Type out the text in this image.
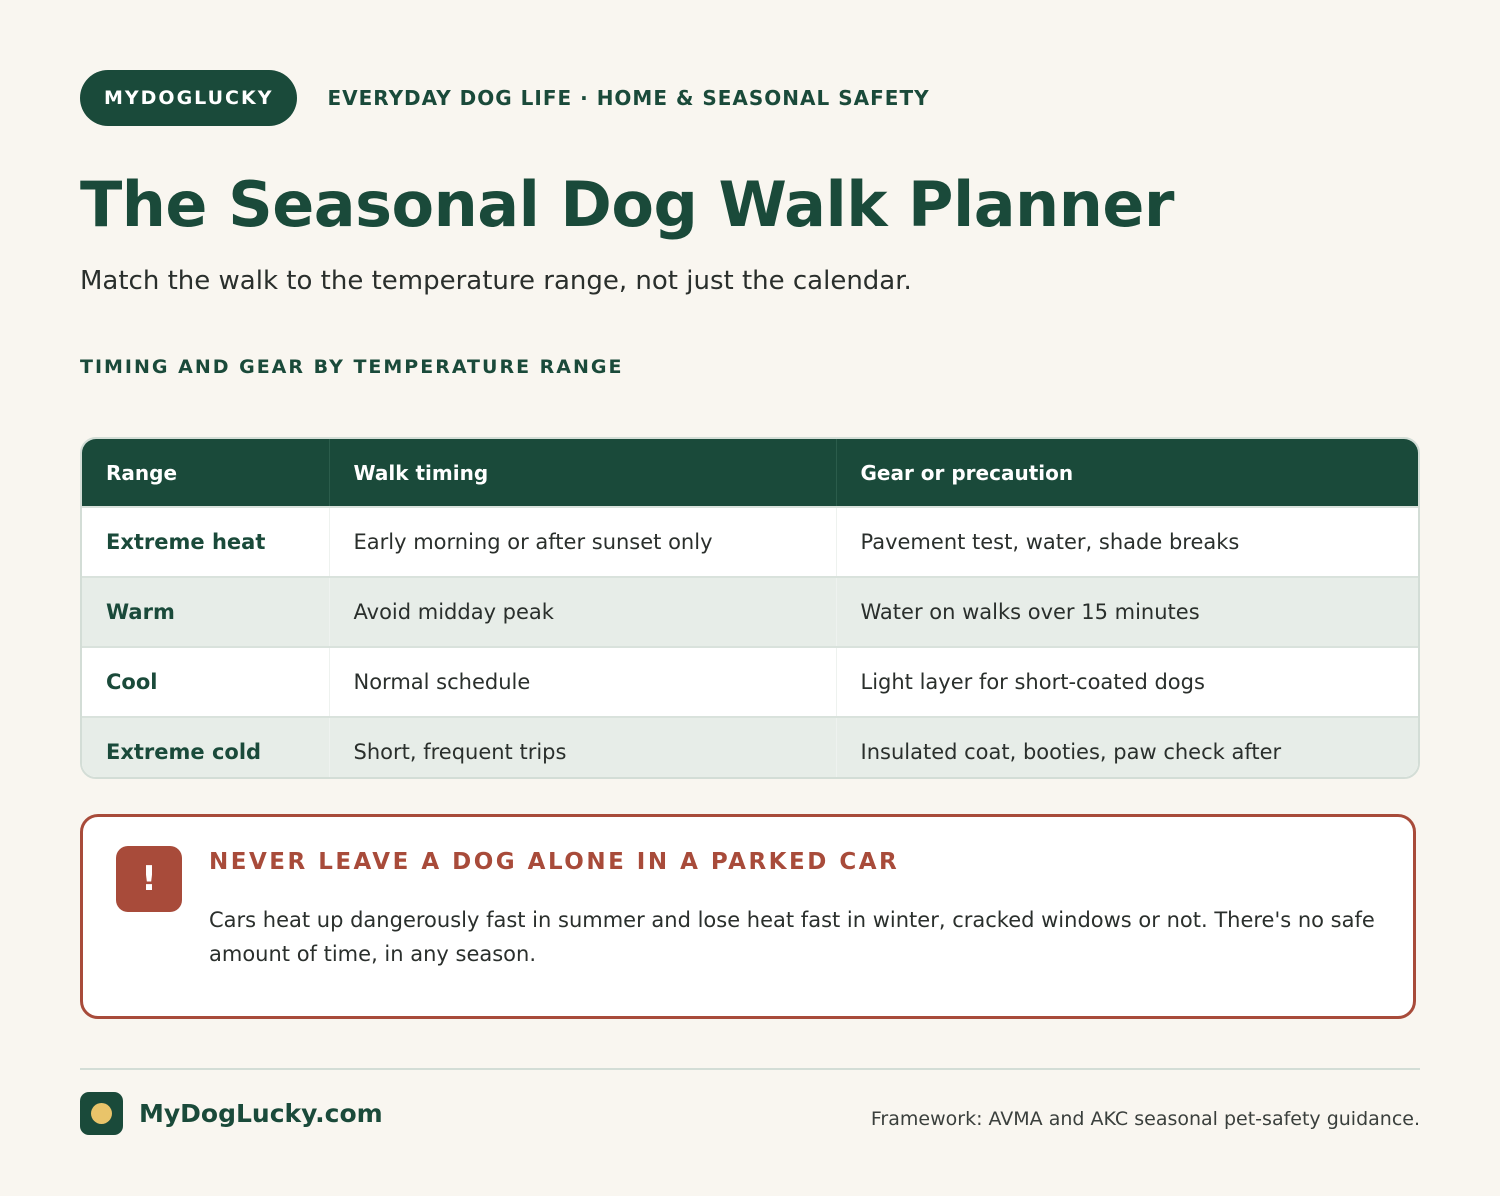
MYDOGLUCKY	EVERYDAY DOG LIFE · HOME & SEASONAL SAFETY
The Seasonal Dog Walk Planner

Match the walk to the temperature range, not just the calendar.

TIMING AND GEAR BY TEMPERATURE RANGE
Range	Walk timing	Gear or precaution
Extreme heat	Early morning or after sunset only	Pavement test, water, shade breaks
Warm	Avoid midday peak	Water on walks over 15 minutes
Cool	Normal schedule	Light layer for short-coated dogs
Extreme cold	Short, frequent trips	Insulated coat, booties, paw check after
!	NEVER LEAVE A DOG ALONE IN A PARKED CAR

Cars heat up dangerously fast in summer and lose heat fast in winter, cracked windows or not. There's no safe amount of time, in any season.

MyDogLucky.com	Framework: AVMA and AKC seasonal pet-safety guidance.
